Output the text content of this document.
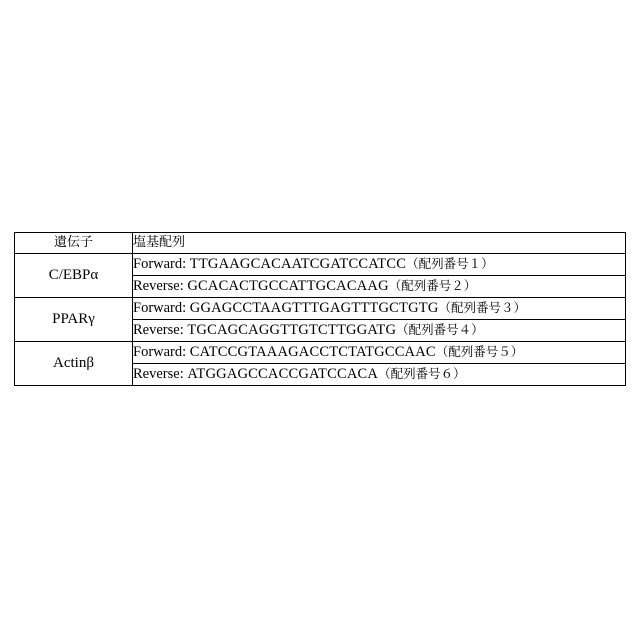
遺伝子	塩基配列
C/EBPα	Forward: TTGAAGCACAATCGATCCATCC（配列番号１）
	Reverse: GCACACTGCCATTGCACAAG（配列番号２）
PPARγ	Forward: GGAGCCTAAGTTTGAGTTTGCTGTG（配列番号３）
	Reverse: TGCAGCAGGTTGTCTTGGATG（配列番号４）
Actinβ	Forward: CATCCGTAAAGACCTCTATGCCAAC（配列番号５）
	Reverse: ATGGAGCCACCGATCCACA（配列番号６）
